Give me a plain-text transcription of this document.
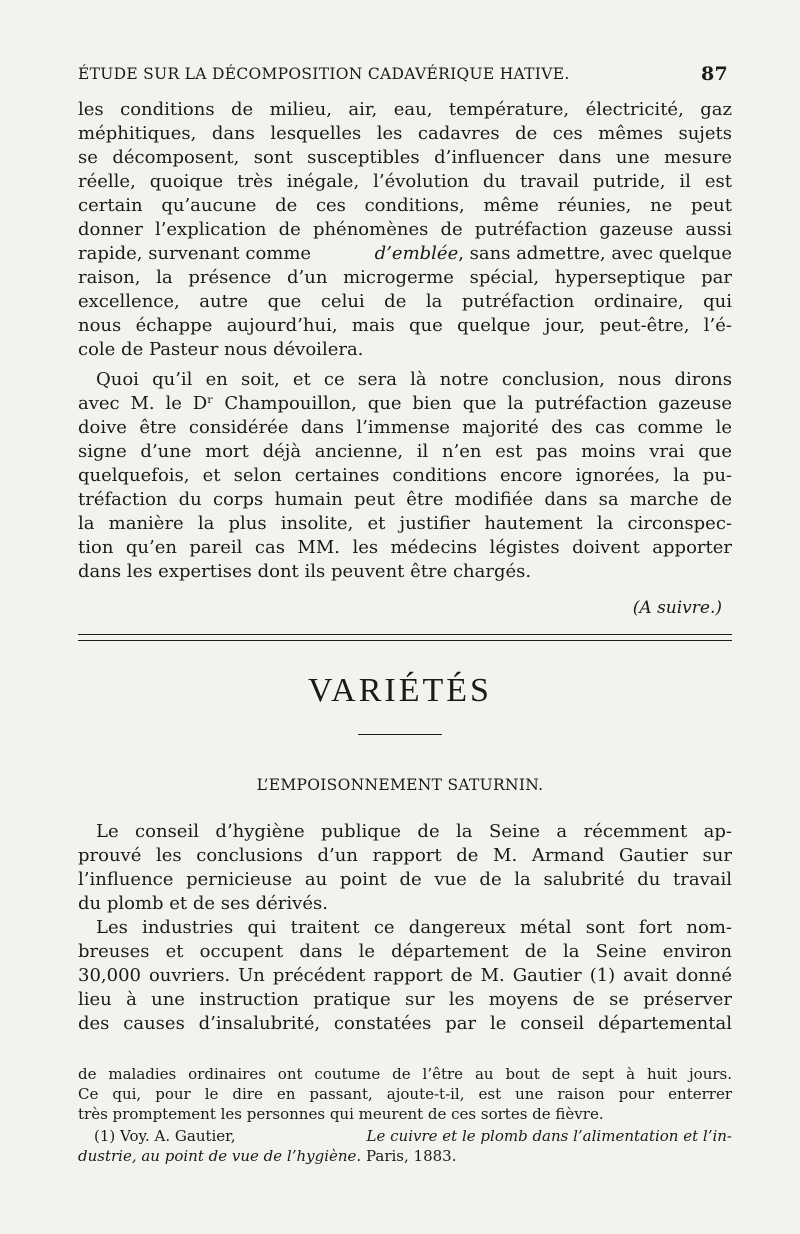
ÉTUDE SUR LA DÉCOMPOSITION CADAVÉRIQUE HATIVE.	87
les conditions de milieu, air, eau, température, électricité, gaz
méphitiques, dans lesquelles les cadavres de ces mêmes sujets
se décomposent, sont susceptibles d’influencer dans une mesure
réelle, quoique très inégale, l’évolution du travail putride, il est
certain qu’aucune de ces conditions, même réunies, ne peut
donner l’explication de phénomènes de putréfaction gazeuse aussi
rapide, survenant comme	d’emblée, sans admettre, avec quelque
raison, la présence d’un microgerme spécial, hyperseptique par
excellence, autre que celui de la putréfaction ordinaire, qui
nous échappe aujourd’hui, mais que quelque jour, peut-être, l’é-
cole de Pasteur nous dévoilera.
Quoi qu’il en soit, et ce sera là notre conclusion, nous dirons
avec M. le Dʳ Champouillon, que bien que la putréfaction gazeuse
doive être considérée dans l’immense majorité des cas comme le
signe d’une mort déjà ancienne, il n’en est pas moins vrai que
quelquefois, et selon certaines conditions encore ignorées, la pu-
tréfaction du corps humain peut être modifiée dans sa marche de
la manière la plus insolite, et justifier hautement la circonspec-
tion qu’en pareil cas MM. les médecins légistes doivent apporter
dans les expertises dont ils peuvent être chargés.
(A suivre.)
VARIÉTÉS
L’EMPOISONNEMENT SATURNIN.
Le conseil d’hygiène publique de la Seine a récemment ap-
prouvé les conclusions d’un rapport de M. Armand Gautier sur
l’influence pernicieuse au point de vue de la salubrité du travail
du plomb et de ses dérivés.
Les industries qui traitent ce dangereux métal sont fort nom-
breuses et occupent dans le département de la Seine environ
30,000 ouvriers. Un précédent rapport de M. Gautier (1) avait donné
lieu à une instruction pratique sur les moyens de se préserver
des causes d’insalubrité, constatées par le conseil départemental
de maladies ordinaires ont coutume de l’être au bout de sept à huit jours.
Ce qui, pour le dire en passant, ajoute-t-il, est une raison pour enterrer
très promptement les personnes qui meurent de ces sortes de fièvre.
(1) Voy. A. Gautier,	Le cuivre et le plomb dans l’alimentation et l’in-
dustrie, au point de vue de l’hygiène. Paris, 1883.
